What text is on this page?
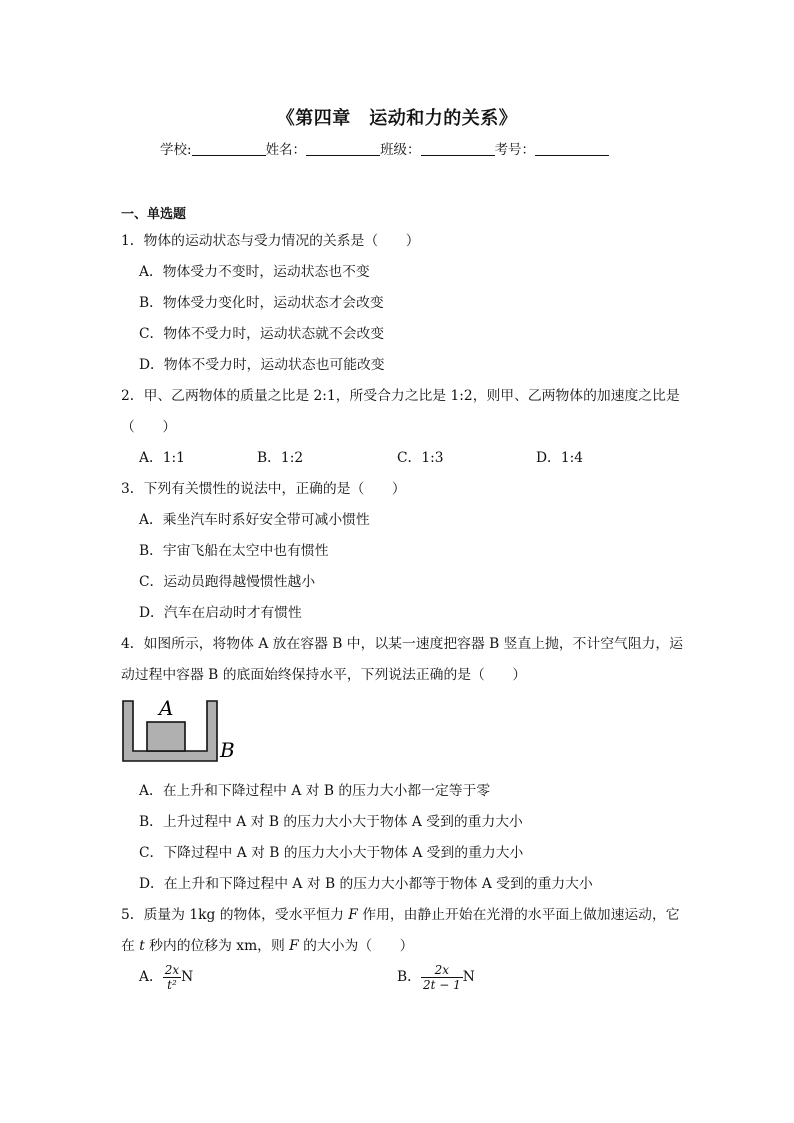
《第四章　运动和力的关系》
学校:	姓名：	班级：	考号：
一、单选题
1．物体的运动状态与受力情况的关系是（　　）
A．物体受力不变时，运动状态也不变
B．物体受力变化时，运动状态才会改变
C．物体不受力时，运动状态就不会改变
D．物体不受力时，运动状态也可能改变
2．甲、乙两物体的质量之比是 2:1，所受合力之比是 1:2，则甲、乙两物体的加速度之比是
（　　）
A．1:1	B．1:2	C．1:3	D．1:4
3．下列有关惯性的说法中，正确的是（　　）
A．乘坐汽车时系好安全带可减小惯性
B．宇宙飞船在太空中也有惯性
C．运动员跑得越慢惯性越小
D．汽车在启动时才有惯性
4．如图所示，将物体 A 放在容器 B 中，以某一速度把容器 B 竖直上抛，不计空气阻力，运
动过程中容器 B 的底面始终保持水平，下列说法正确的是（　　）
A
B
A．在上升和下降过程中 A 对 B 的压力大小都一定等于零
B．上升过程中 A 对 B 的压力大小大于物体 A 受到的重力大小
C．下降过程中 A 对 B 的压力大小大于物体 A 受到的重力大小
D．在上升和下降过程中 A 对 B 的压力大小都等于物体 A 受到的重力大小
5．质量为 1kg 的物体，受水平恒力 F 作用，由静止开始在光滑的水平面上做加速运动，它
在 t 秒内的位移为 xm，则 F 的大小为（　　）
A． $\frac{2x}{\text{t²}}$ N	B． $\frac{2x}{2t - 1}$ N
